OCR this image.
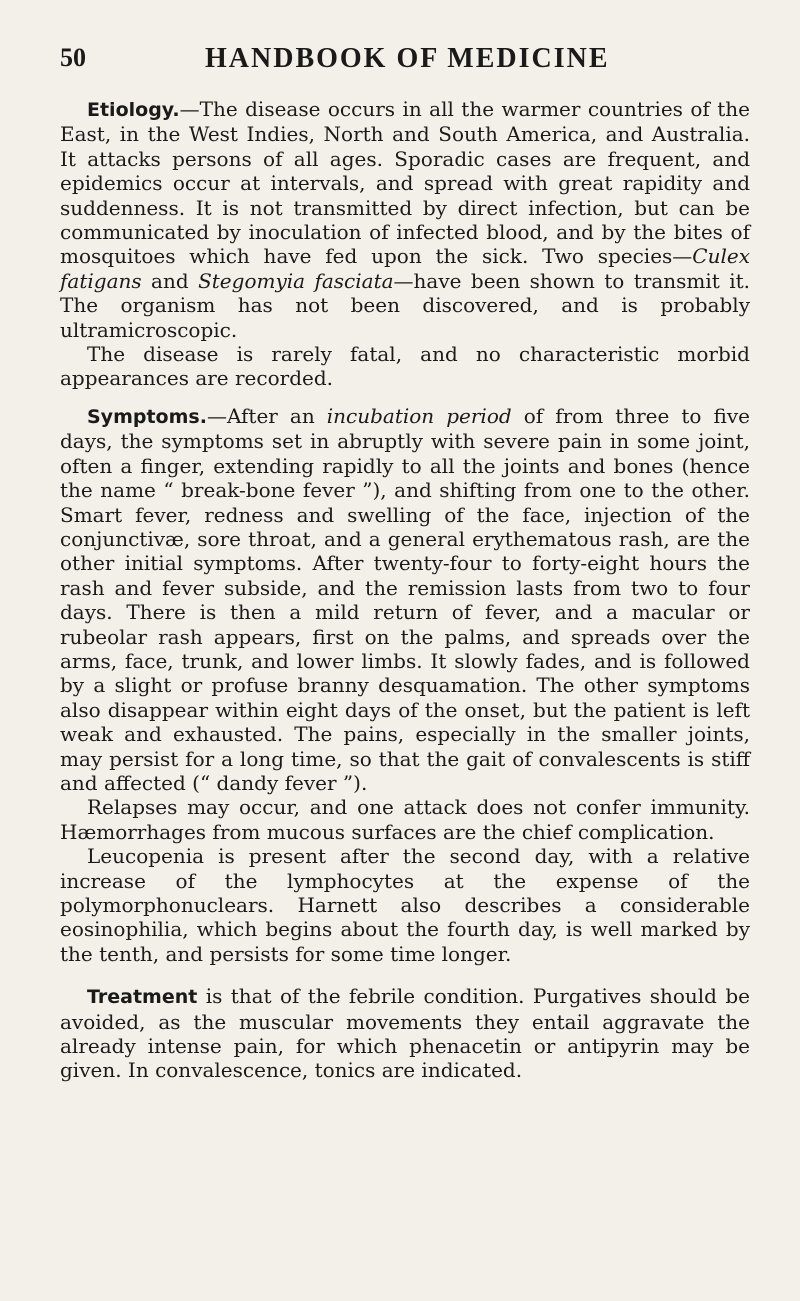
50	HANDBOOK OF MEDICINE

Etiology.—The disease occurs in all the warmer countries of the East, in the West Indies, North and South America, and Australia. It attacks persons of all ages. Sporadic cases are frequent, and epidemics occur at intervals, and spread with great rapidity and suddenness. It is not transmitted by direct infection, but can be communicated by inoculation of infected blood, and by the bites of mosquitoes which have fed upon the sick. Two species—Culex fatigans and Stegomyia fasciata—have been shown to transmit it. The organism has not been discovered, and is probably ultramicroscopic.

The disease is rarely fatal, and no characteristic morbid appearances are recorded.

Symptoms.—After an incubation period of from three to five days, the symptoms set in abruptly with severe pain in some joint, often a finger, extending rapidly to all the joints and bones (hence the name “ break-bone fever ”), and shifting from one to the other. Smart fever, redness and swelling of the face, injection of the conjunctivæ, sore throat, and a general erythematous rash, are the other initial symptoms. After twenty-four to forty-eight hours the rash and fever subside, and the remission lasts from two to four days. There is then a mild return of fever, and a macular or rubeolar rash appears, first on the palms, and spreads over the arms, face, trunk, and lower limbs. It slowly fades, and is followed by a slight or profuse branny desquamation. The other symptoms also disappear within eight days of the onset, but the patient is left weak and exhausted. The pains, especially in the smaller joints, may persist for a long time, so that the gait of convalescents is stiff and affected (“ dandy fever ”).

Relapses may occur, and one attack does not confer immunity. Hæmorrhages from mucous surfaces are the chief complication.

Leucopenia is present after the second day, with a relative increase of the lymphocytes at the expense of the polymorphonuclears. Harnett also describes a considerable eosinophilia, which begins about the fourth day, is well marked by the tenth, and persists for some time longer.

Treatment is that of the febrile condition. Purgatives should be avoided, as the muscular movements they entail aggravate the already intense pain, for which phenacetin or antipyrin may be given. In convalescence, tonics are indicated.
